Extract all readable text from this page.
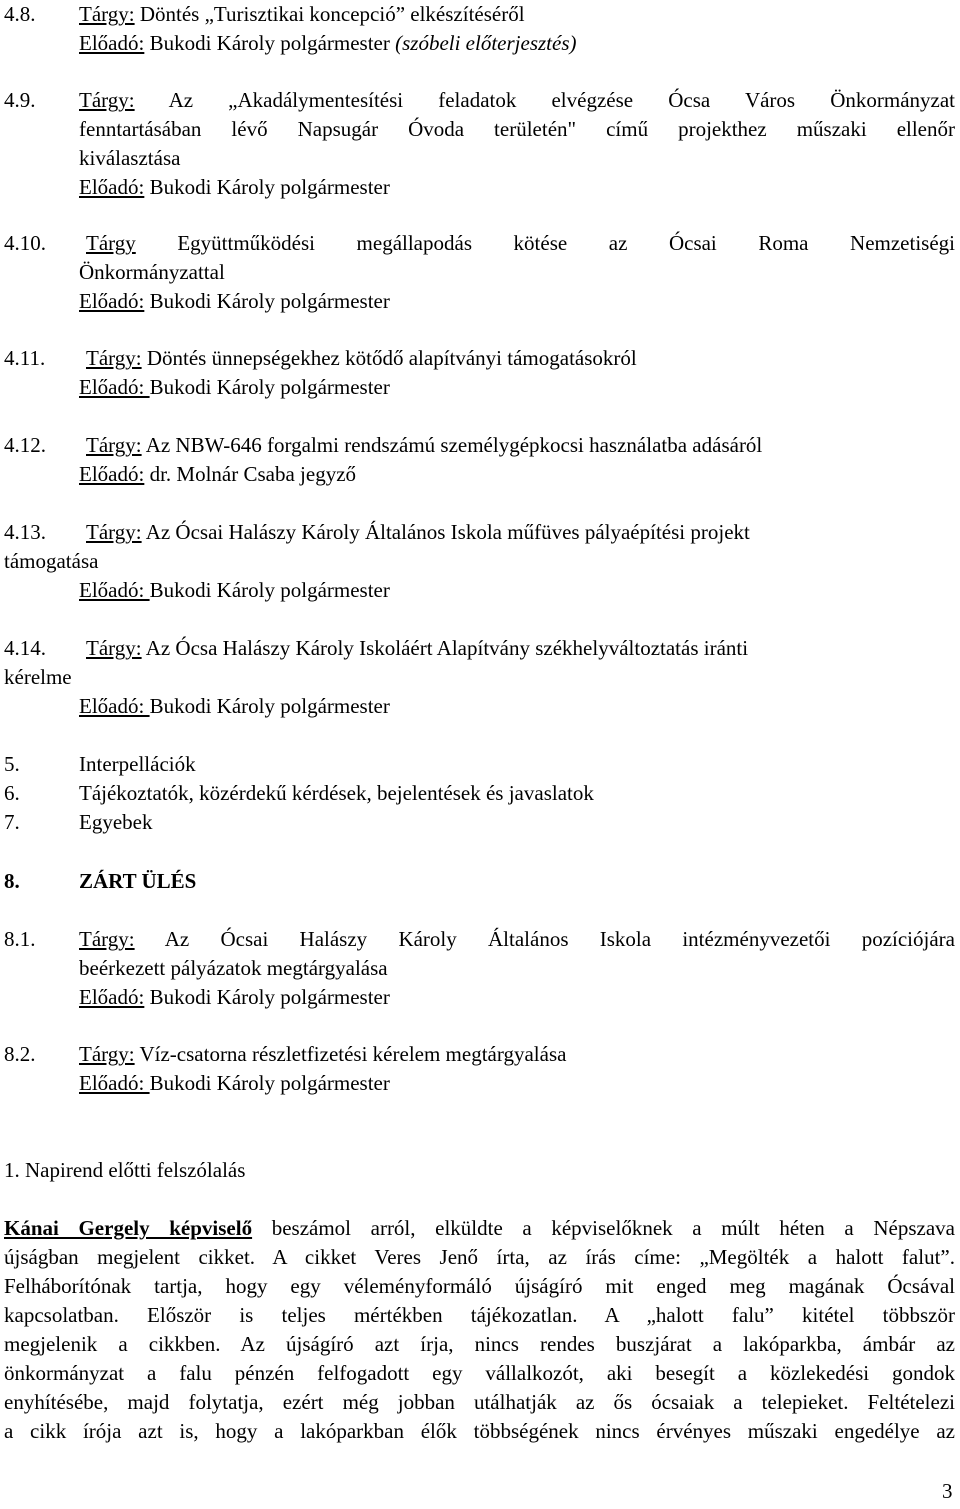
4.8.	Tárgy: Döntés „Turisztikai koncepció” elkészítéséről
Előadó: Bukodi Károly polgármester (szóbeli előterjesztés)
4.9.	Tárgy: Az „Akadálymentesítési feladatok elvégzése Ócsa Város Önkormányzat
fenntartásában lévő Napsugár Óvoda területén" című projekthez műszaki ellenőr
kiválasztása
Előadó: Bukodi Károly polgármester
4.10.	Tárgy Együttműködési megállapodás kötése az Ócsai Roma Nemzetiségi
Önkormányzattal
Előadó: Bukodi Károly polgármester
4.11.	Tárgy: Döntés ünnepségekhez kötődő alapítványi támogatásokról
Előadó: Bukodi Károly polgármester
4.12.	Tárgy: Az NBW-646 forgalmi rendszámú személygépkocsi használatba adásáról
Előadó: dr. Molnár Csaba jegyző
4.13.	Tárgy: Az Ócsai Halászy Károly Általános Iskola műfüves pályaépítési projekt
támogatása
Előadó: Bukodi Károly polgármester
4.14.	Tárgy: Az Ócsa Halászy Károly Iskoláért Alapítvány székhelyváltoztatás iránti
kérelme
Előadó: Bukodi Károly polgármester
5.	Interpellációk
6.	Tájékoztatók, közérdekű kérdések, bejelentések és javaslatok
7.	Egyebek
8.	ZÁRT ÜLÉS
8.1.	Tárgy: Az Ócsai Halászy Károly Általános Iskola intézményvezetői pozíciójára
beérkezett pályázatok megtárgyalása
Előadó: Bukodi Károly polgármester
8.2.	Tárgy: Víz-csatorna részletfizetési kérelem megtárgyalása
Előadó: Bukodi Károly polgármester
1. Napirend előtti felszólalás
Kánai Gergely képviselő beszámol arról, elküldte a képviselőknek a múlt héten a Népszava
újságban megjelent cikket. A cikket Veres Jenő írta, az írás címe: „Megölték a halott falut”.
Felháborítónak tartja, hogy egy véleményformáló újságíró mit enged meg magának Ócsával
kapcsolatban. Először is teljes mértékben tájékozatlan. A „halott falu” kitétel többször
megjelenik a cikkben. Az újságíró azt írja, nincs rendes buszjárat a lakóparkba, ámbár az
önkormányzat a falu pénzén felfogadott egy vállalkozót, aki besegít a közlekedési gondok
enyhítésébe, majd folytatja, ezért még jobban utálhatják az ős ócsaiak a telepieket. Feltételezi
a cikk írója azt is, hogy a lakóparkban élők többségének nincs érvényes műszaki engedélye az
3
